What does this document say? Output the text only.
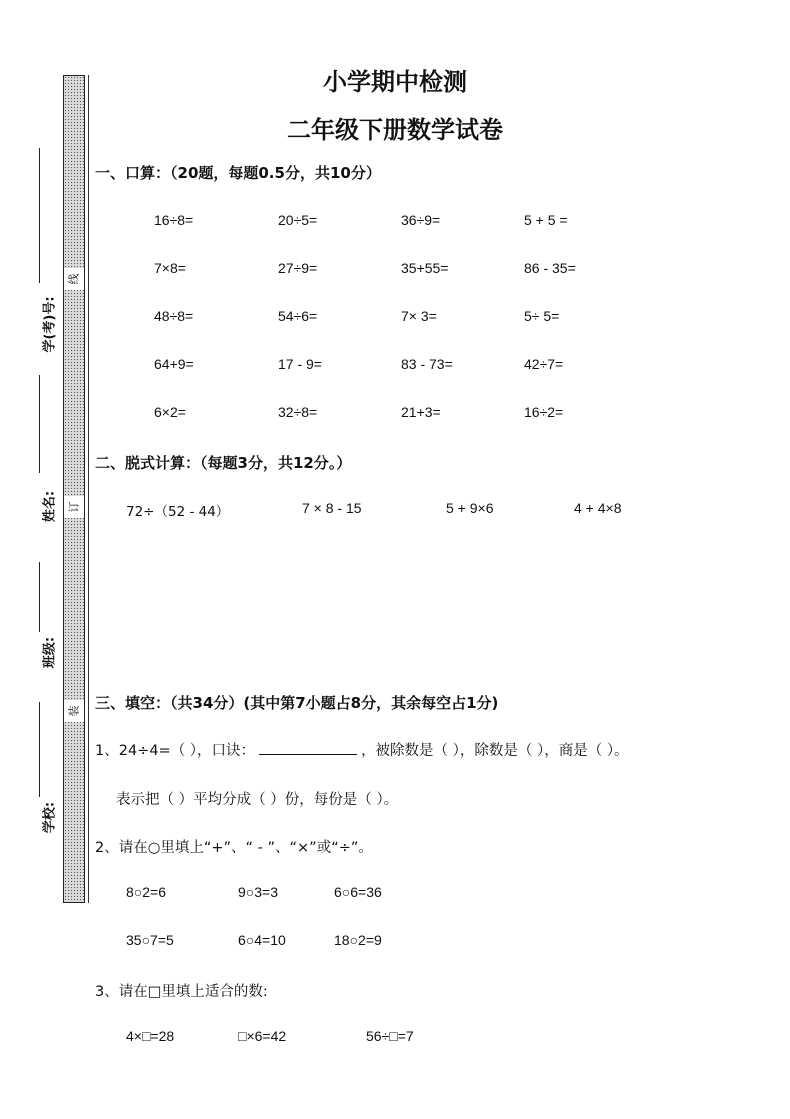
线
订
装
学(考)号:
姓名:
班级:
学校:
小学期中检测
二年级下册数学试卷
一、口算：（20题，每题0.5分，共10分）
16÷8=	20÷5=	36÷9=	5 + 5 =
7×8=	27÷9=	35+55=	86 - 35=
48÷8=	54÷6=	7× 3=	5÷ 5=
64+9=	17 - 9=	83 - 73=	42÷7=
6×2=	32÷8=	21+3=	16÷2=
二、脱式计算：（每题3分，共12分。）
72÷（52 - 44）	7 × 8 - 15	5 + 9×6	4 + 4×8
三、填空：（共34分）(其中第7小题占8分，其余每空占1分)
1、24÷4=（ ），口诀：	，被除数是（ ），除数是（ ），商是（ ）。
表示把（ ）平均分成（ ）份，每份是（ ）。
2、请在○里填上“+”、“ - ”、“×”或“÷”。
8○2=6	9○3=3	6○6=36
35○7=5	6○4=10	18○2=9
3、请在□里填上适合的数:
4×□=28	□×6=42	56÷□=7
